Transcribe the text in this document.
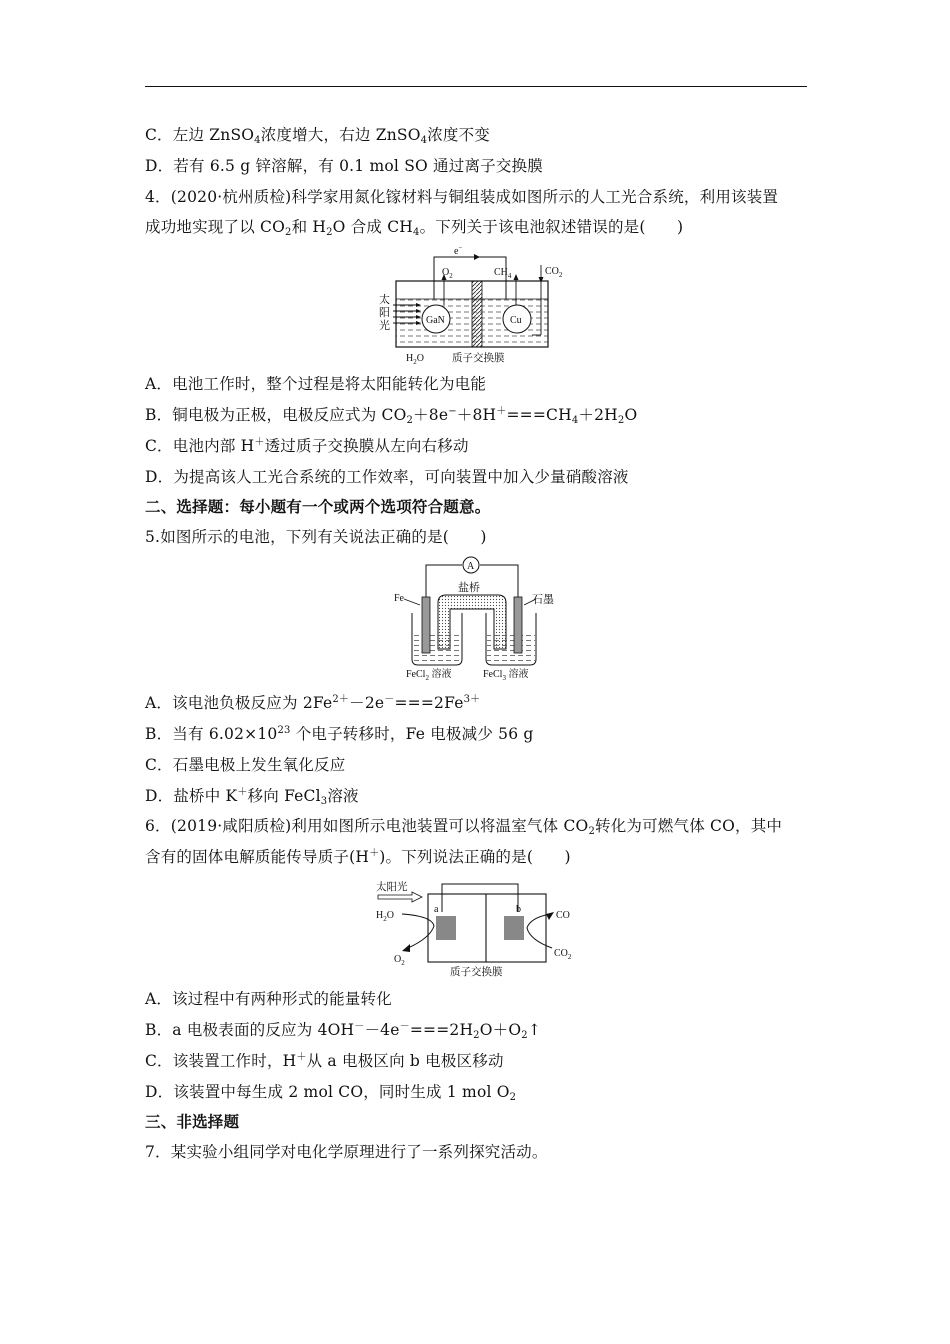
C．左边 ZnSO$_4$浓度增大，右边 ZnSO$_4$浓度不变
D．若有 6.5 g 锌溶解，有 0.1 mol SO 通过离子交换膜
4．(2020·杭州质检)科学家用氮化镓材料与铜组装成如图所示的人工光合系统，利用该装置
成功地实现了以 $CO_2$和 $H_2O$ 合成 $CH_4$。下列关于该电池叙述错误的是(　　)
e−
GaN	Cu
$O_2$	$CH_4$	$CO_2$
太
阳
光
$H_2O$	质子交换膜
A．电池工作时，整个过程是将太阳能转化为电能
B．铜电极为正极，电极反应式为 $CO_2+8e^-+8H^+===CH_4+2H_2O$
C．电池内部 H＋透过质子交换膜从左向右移动
D．为提高该人工光合系统的工作效率，可向装置中加入少量硝酸溶液
二、选择题：每小题有一个或两个选项符合题意。
5.如图所示的电池，下列有关说法正确的是(　　)
A
盐桥
Fe	石墨
FeCl$_2$ 溶液	FeCl$_3$ 溶液
A．该电池负极反应为 $2Fe^{2+}-2e^-===2Fe^{3+}$
B．当有 $6.02\times 10^{23}$ 个电子转移时，Fe 电极减少 56 g
C．石墨电极上发生氧化反应
D．盐桥中 K＋移向 FeCl$_3$溶液
6．(2019·咸阳质检)利用如图所示电池装置可以将温室气体 $CO_2$转化为可燃气体 CO，其中
含有的固体电解质能传导质子(H＋)。下列说法正确的是(　　)
a	b
太阳光
$H_2O$
$O_2$
CO
$CO_2$
质子交换膜
A．该过程中有两种形式的能量转化
B．a 电极表面的反应为 $4OH^--4e^-===2H_2O+O_2↑$
C．该装置工作时，H＋从 a 电极区向 b 电极区移动
D．该装置中每生成 2 mol CO，同时生成 1 mol $O_2$
三、非选择题
7．某实验小组同学对电化学原理进行了一系列探究活动。
